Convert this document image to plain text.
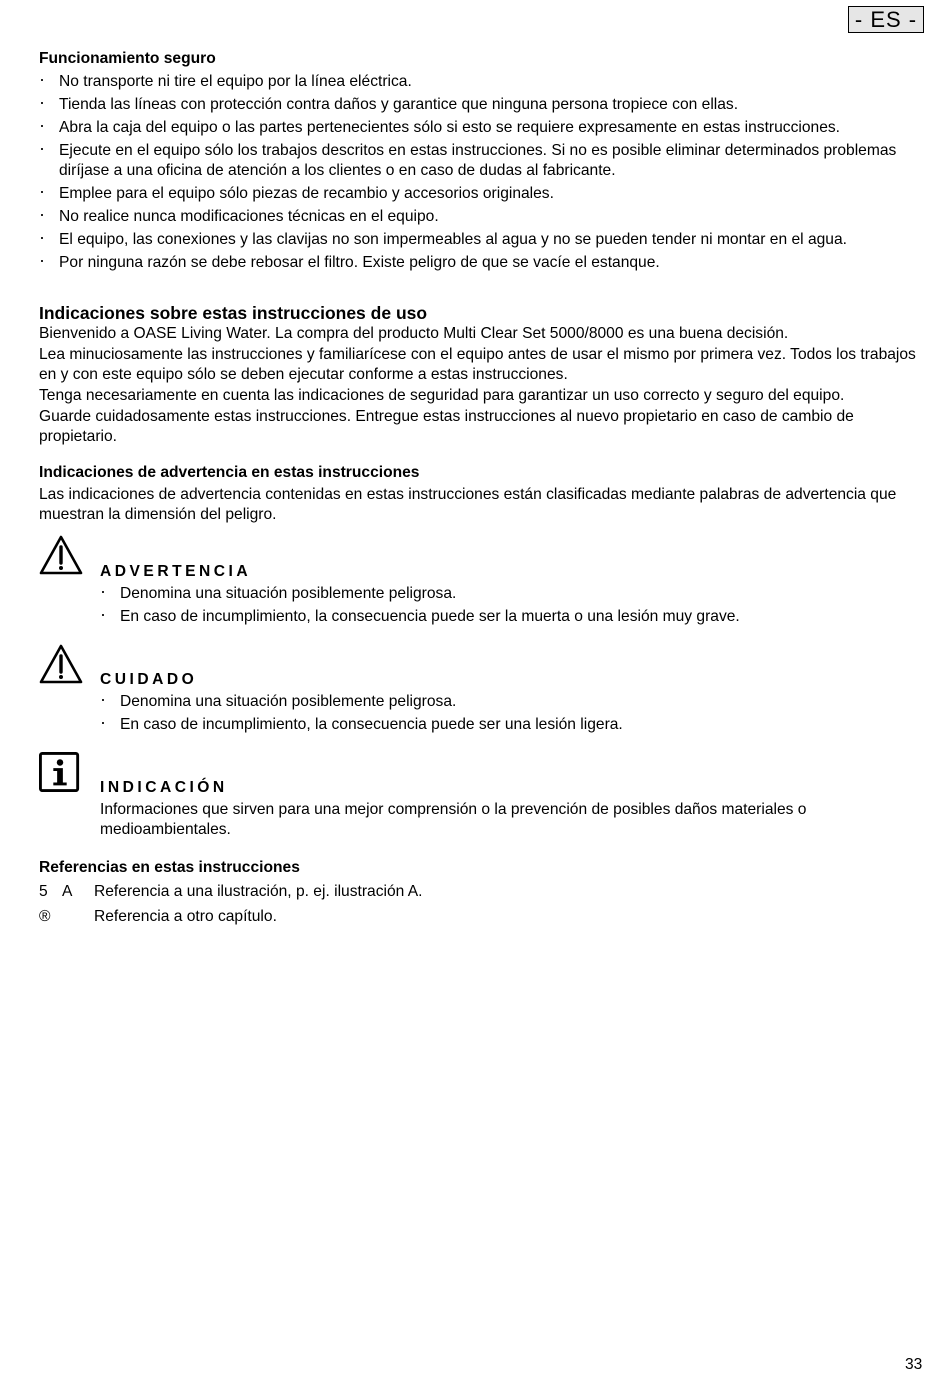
- ES -
Funcionamiento seguro
· No transporte ni tire el equipo por la línea eléctrica.
· Tienda las líneas con protección contra daños y garantice que ninguna persona tropiece con ellas.
· Abra la caja del equipo o las partes pertenecientes sólo si esto se requiere expresamente en estas instrucciones.
· Ejecute en el equipo sólo los trabajos descritos en estas instrucciones. Si no es posible eliminar determinados problemas diríjase a una oficina de atención a los clientes o en caso de dudas al fabricante.
· Emplee para el equipo sólo piezas de recambio y accesorios originales.
· No realice nunca modificaciones técnicas en el equipo.
· El equipo, las conexiones y las clavijas no son impermeables al agua y no se pueden tender ni montar en el agua.
· Por ninguna razón se debe rebosar el filtro. Existe peligro de que se vacíe el estanque.
Indicaciones sobre estas instrucciones de uso
Bienvenido a OASE Living Water. La compra del producto Multi Clear Set 5000/8000 es una buena decisión.
Lea minuciosamente las instrucciones y familiarícese con el equipo antes de usar el mismo por primera vez. Todos los trabajos en y con este equipo sólo se deben ejecutar conforme a estas instrucciones.
Tenga necesariamente en cuenta las indicaciones de seguridad para garantizar un uso correcto y seguro del equipo.
Guarde cuidadosamente estas instrucciones. Entregue estas instrucciones al nuevo propietario en caso de cambio de propietario.
Indicaciones de advertencia en estas instrucciones
Las indicaciones de advertencia contenidas en estas instrucciones están clasificadas mediante palabras de advertencia que muestran la dimensión del peligro.
ADVERTENCIA
· Denomina una situación posiblemente peligrosa.
· En caso de incumplimiento, la consecuencia puede ser la muerta o una lesión muy grave.
CUIDADO
· Denomina una situación posiblemente peligrosa.
· En caso de incumplimiento, la consecuencia puede ser una lesión ligera.
INDICACIÓN
Informaciones que sirven para una mejor comprensión o la prevención de posibles daños materiales o medioambientales.
Referencias en estas instrucciones
5 A Referencia a una ilustración, p. ej. ilustración A.
®	Referencia a otro capítulo.
33
